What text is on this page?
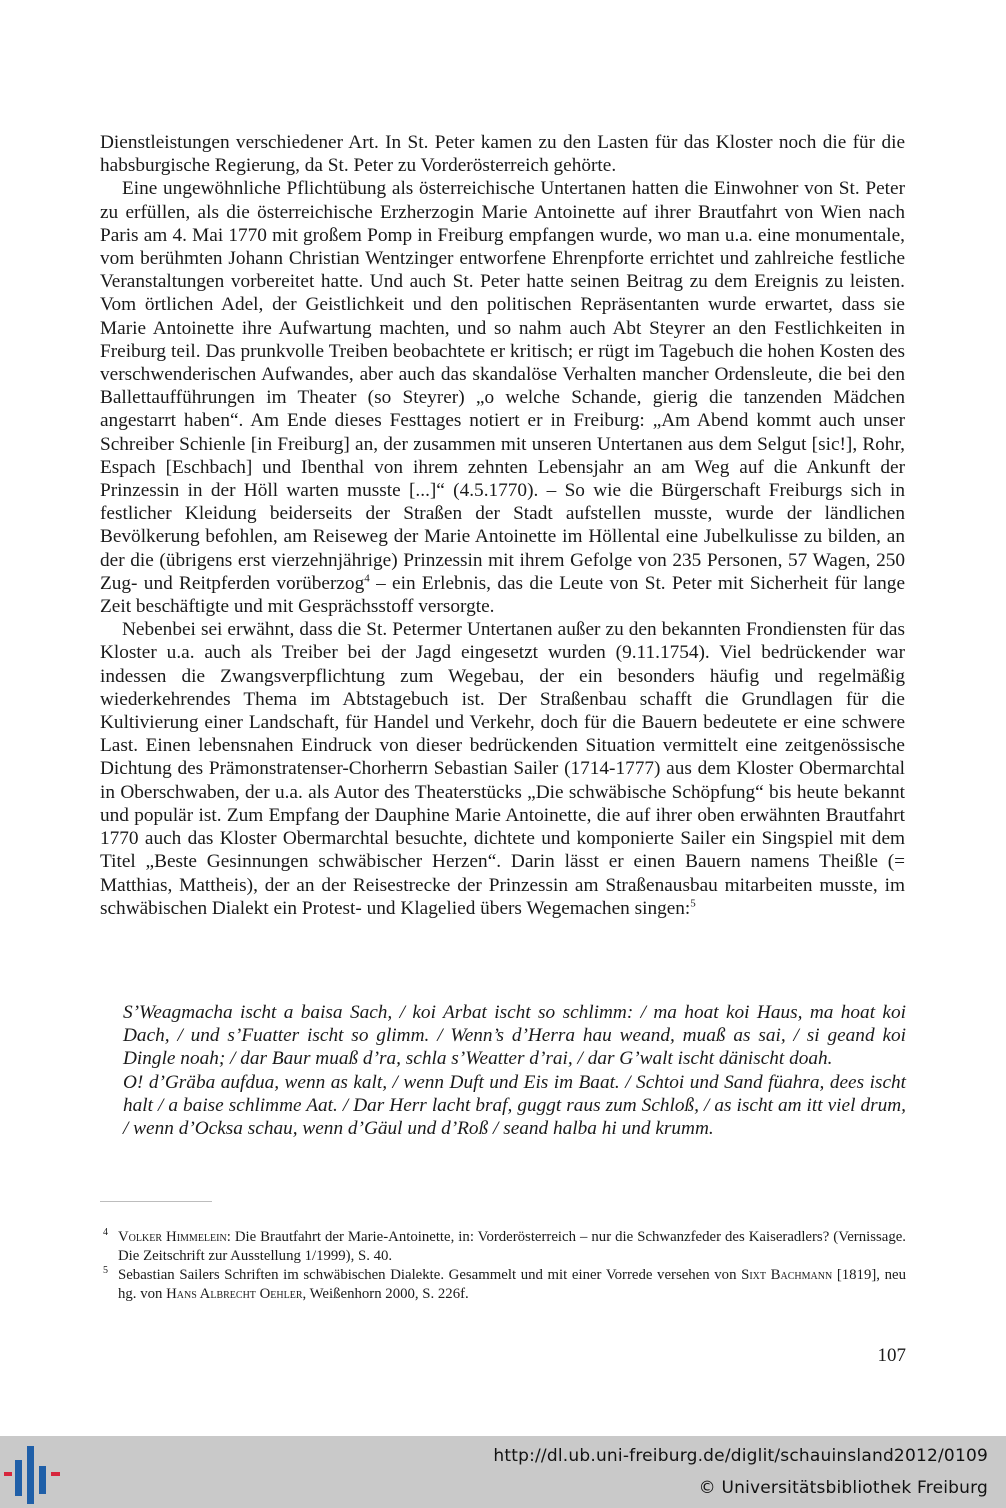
Dienstleistungen verschiedener Art. In St. Peter kamen zu den Lasten für das Kloster noch die für die habsburgische Regierung, da St. Peter zu Vorderösterreich gehörte.

Eine ungewöhnliche Pflichtübung als österreichische Untertanen hatten die Einwohner von St. Peter zu erfüllen, als die österreichische Erzherzogin Marie Antoinette auf ihrer Brautfahrt von Wien nach Paris am 4. Mai 1770 mit großem Pomp in Freiburg empfangen wurde, wo man u.a. eine monumentale, vom berühmten Johann Christian Wentzinger entworfene Ehrenpforte errichtet und zahlreiche festliche Veranstaltungen vorbereitet hatte. Und auch St. Peter hatte seinen Beitrag zu dem Ereignis zu leisten. Vom örtlichen Adel, der Geistlichkeit und den politischen Repräsentanten wurde erwartet, dass sie Marie Antoinette ihre Aufwartung machten, und so nahm auch Abt Steyrer an den Festlichkeiten in Freiburg teil. Das prunkvolle Treiben beobachtete er kritisch; er rügt im Tagebuch die hohen Kosten des verschwenderischen Aufwandes, aber auch das skandalöse Verhalten mancher Ordensleute, die bei den Ballettaufführungen im Theater (so Steyrer) „o welche Schande, gierig die tanzenden Mädchen angestarrt haben“. Am Ende dieses Festtages notiert er in Freiburg: „Am Abend kommt auch unser Schreiber Schienle [in Freiburg] an, der zusammen mit unseren Untertanen aus dem Selgut [sic!], Rohr, Espach [Eschbach] und Ibenthal von ihrem zehnten Lebensjahr an am Weg auf die Ankunft der Prinzessin in der Höll warten musste [...]“ (4.5.1770). – So wie die Bürgerschaft Freiburgs sich in festlicher Kleidung beiderseits der Straßen der Stadt aufstellen musste, wurde der ländlichen Bevölkerung befohlen, am Reiseweg der Marie Antoinette im Höllental eine Jubelkulisse zu bilden, an der die (übrigens erst vierzehnjährige) Prinzessin mit ihrem Gefolge von 235 Personen, 57 Wagen, 250 Zug- und Reitpferden vorüberzog$^4$ – ein Erlebnis, das die Leute von St. Peter mit Sicherheit für lange Zeit beschäftigte und mit Gesprächsstoff versorgte.

Nebenbei sei erwähnt, dass die St. Petermer Untertanen außer zu den bekannten Frondiensten für das Kloster u.a. auch als Treiber bei der Jagd eingesetzt wurden (9.11.1754). Viel bedrückender war indessen die Zwangsverpflichtung zum Wegebau, der ein besonders häufig und regelmäßig wiederkehrendes Thema im Abtstagebuch ist. Der Straßenbau schafft die Grundlagen für die Kultivierung einer Landschaft, für Handel und Verkehr, doch für die Bauern bedeutete er eine schwere Last. Einen lebensnahen Eindruck von dieser bedrückenden Situation vermittelt eine zeitgenössische Dichtung des Prämonstratenser-Chorherrn Sebastian Sailer (1714-1777) aus dem Kloster Obermarchtal in Oberschwaben, der u.a. als Autor des Theaterstücks „Die schwäbische Schöpfung“ bis heute bekannt und populär ist. Zum Empfang der Dauphine Marie Antoinette, die auf ihrer oben erwähnten Brautfahrt 1770 auch das Kloster Obermarchtal besuchte, dichtete und komponierte Sailer ein Singspiel mit dem Titel „Beste Gesinnungen schwäbischer Herzen“. Darin lässt er einen Bauern namens Theißle (= Matthias, Mattheis), der an der Reisestrecke der Prinzessin am Straßenausbau mitarbeiten musste, im schwäbischen Dialekt ein Protest- und Klagelied übers Wegemachen singen:$^5$

S’Weagmacha ischt a baisa Sach, / koi Arbat ischt so schlimm: / ma hoat koi Haus, ma hoat koi Dach, / und s’Fuatter ischt so glimm. / Wenn’s d’Herra hau weand, muaß as sai, / si geand koi Dingle noah; / dar Baur muaß d’ra, schla s’Weatter d’rai, / dar G’walt ischt dänischt doah.

O! d’Gräba aufdua, wenn as kalt, / wenn Duft und Eis im Baat. / Schtoi und Sand füahra, dees ischt halt / a baise schlimme Aat. / Dar Herr lacht braf, guggt raus zum Schloß, / as ischt am itt viel drum, / wenn d’Ocksa schau, wenn d’Gäul und d’Roß / seand halba hi und krumm.

4 Volker Himmelein: Die Brautfahrt der Marie-Antoinette, in: Vorderösterreich – nur die Schwanzfeder des Kaiseradlers? (Vernissage. Die Zeitschrift zur Ausstellung 1/1999), S. 40.
5 Sebastian Sailers Schriften im schwäbischen Dialekte. Gesammelt und mit einer Vorrede versehen von Sixt Bachmann [1819], neu hg. von Hans Albrecht Oehler, Weißenhorn 2000, S. 226f.
107
http://dl.ub.uni-freiburg.de/diglit/schauinsland2012/0109
© Universitätsbibliothek Freiburg
